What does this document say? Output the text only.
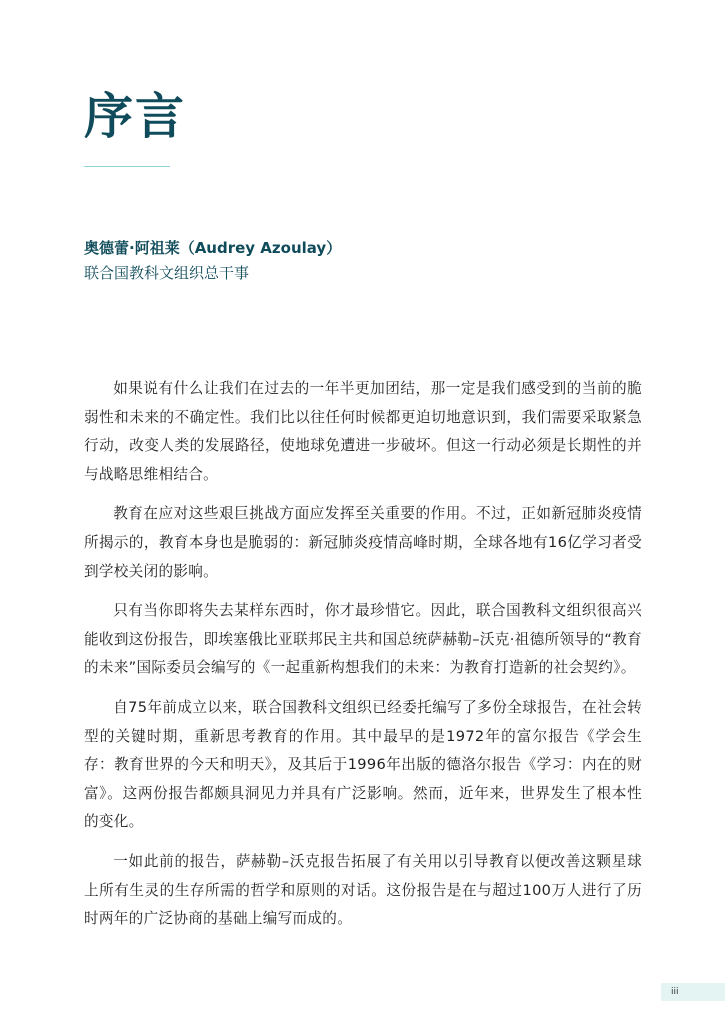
序言
奥德蕾·阿祖莱（Audrey Azoulay）
联合国教科文组织总干事

如果说有什么让我们在过去的一年半更加团结，那一定是我们感受到的当前的脆弱性和未来的不确定性。我们比以往任何时候都更迫切地意识到，我们需要采取紧急行动，改变人类的发展路径，使地球免遭进一步破坏。但这一行动必须是长期性的并与战略思维相结合。

教育在应对这些艰巨挑战方面应发挥至关重要的作用。不过，正如新冠肺炎疫情所揭示的，教育本身也是脆弱的：新冠肺炎疫情高峰时期，全球各地有16亿学习者受到学校关闭的影响。

只有当你即将失去某样东西时，你才最珍惜它。因此，联合国教科文组织很高兴能收到这份报告，即埃塞俄比亚联邦民主共和国总统萨赫勒–沃克·祖德所领导的“教育的未来”国际委员会编写的《一起重新构想我们的未来：为教育打造新的社会契约》。

自75年前成立以来，联合国教科文组织已经委托编写了多份全球报告，在社会转型的关键时期，重新思考教育的作用。其中最早的是1972年的富尔报告《学会生存：教育世界的今天和明天》，及其后于1996年出版的德洛尔报告《学习：内在的财富》。这两份报告都颇具洞见力并具有广泛影响。然而，近年来，世界发生了根本性的变化。

一如此前的报告，萨赫勒–沃克报告拓展了有关用以引导教育以便改善这颗星球上所有生灵的生存所需的哲学和原则的对话。这份报告是在与超过100万人进行了历时两年的广泛协商的基础上编写而成的。

iii
